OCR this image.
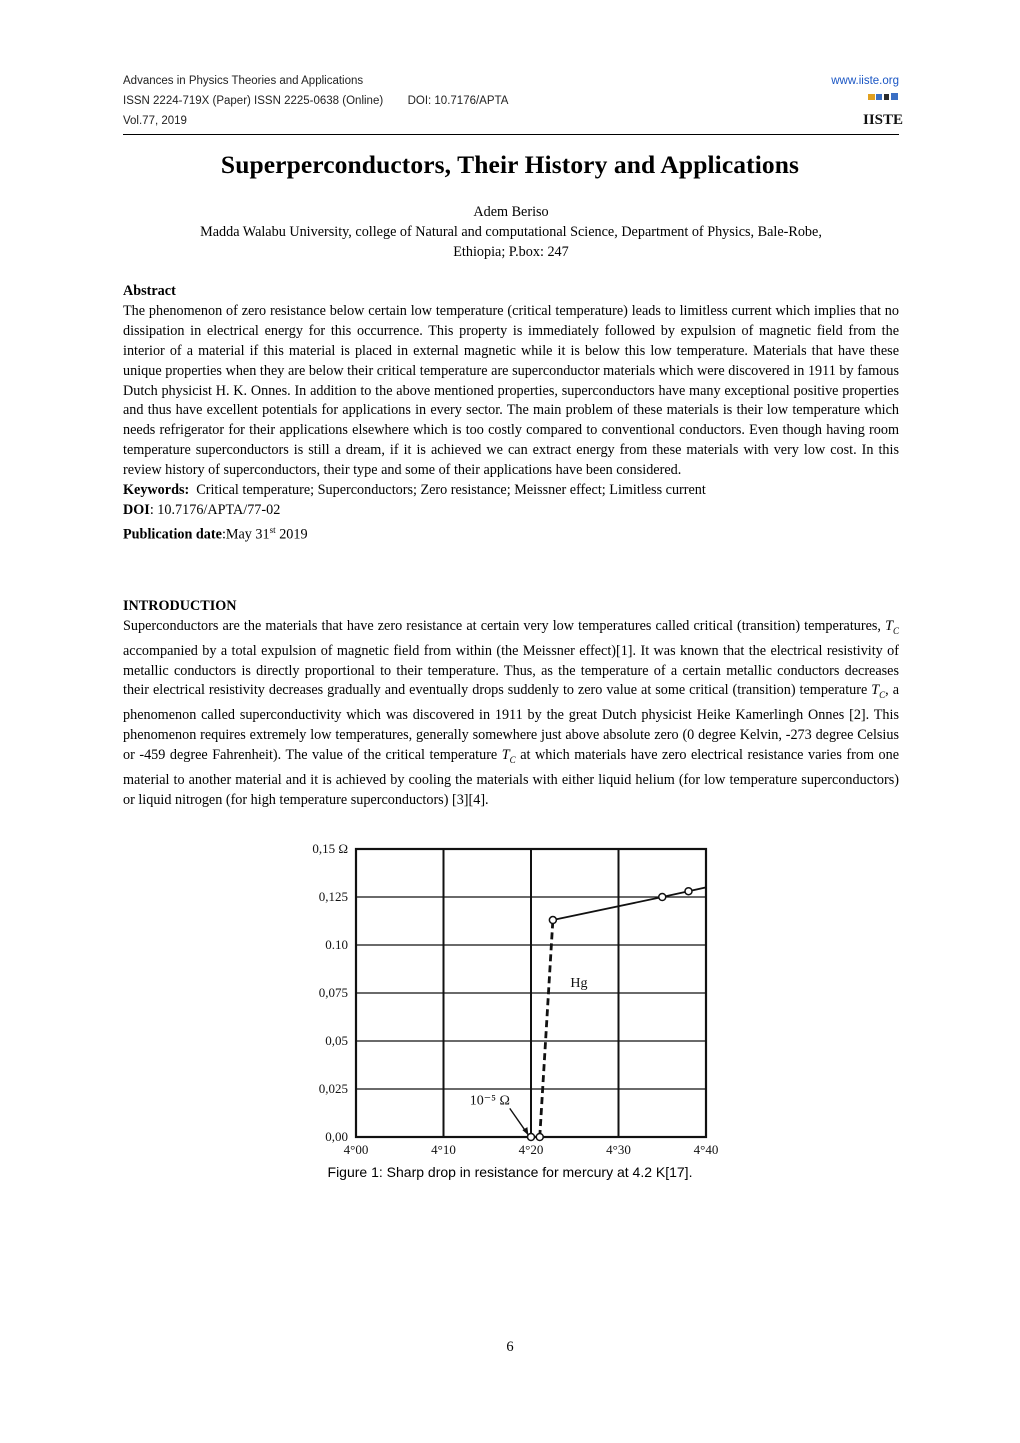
Advances in Physics Theories and Applications	www.iiste.org
ISSN 2224-719X (Paper) ISSN 2225-0638 (Online) DOI: 10.7176/APTA
Vol.77, 2019	IISTE
Superperconductors, Their History and Applications
Adem Beriso
Madda Walabu University, college of Natural and computational Science, Department of Physics, Bale-Robe,
Ethiopia; P.box: 247

Abstract

The phenomenon of zero resistance below certain low temperature (critical temperature) leads to limitless current which implies that no dissipation in electrical energy for this occurrence. This property is immediately followed by expulsion of magnetic field from the interior of a material if this material is placed in external magnetic while it is below this low temperature. Materials that have these unique properties when they are below their critical temperature are superconductor materials which were discovered in 1911 by famous Dutch physicist H. K. Onnes. In addition to the above mentioned properties, superconductors have many exceptional positive properties and thus have excellent potentials for applications in every sector. The main problem of these materials is their low temperature which needs refrigerator for their applications elsewhere which is too costly compared to conventional conductors. Even though having room temperature superconductors is still a dream, if it is achieved we can extract energy from these materials with very low cost. In this review history of superconductors, their type and some of their applications have been considered.

Keywords: Critical temperature; Superconductors; Zero resistance; Meissner effect; Limitless current

DOI: 10.7176/APTA/77-02

Publication date:May 31st 2019

INTRODUCTION

Superconductors are the materials that have zero resistance at certain very low temperatures called critical (transition) temperatures, $T_C$ accompanied by a total expulsion of magnetic field from within (the Meissner effect)[1]. It was known that the electrical resistivity of metallic conductors is directly proportional to their temperature. Thus, as the temperature of a certain metallic conductors decreases their electrical resistivity decreases gradually and eventually drops suddenly to zero value at some critical (transition) temperature $T_C$, a phenomenon called superconductivity which was discovered in 1911 by the great Dutch physicist Heike Kamerlingh Onnes [2]. This phenomenon requires extremely low temperatures, generally somewhere just above absolute zero (0 degree Kelvin, -273 degree Celsius or -459 degree Fahrenheit). The value of the critical temperature $T_C$ at which materials have zero electrical resistance varies from one material to another material and it is achieved by cooling the materials with either liquid helium (for low temperature superconductors) or liquid nitrogen (for high temperature superconductors) [3][4].

4°00	4°10	4°20	4°30	4°40
0,00
0,025
0,05
0,075
0.10
0,125
0,15 Ω
Hg
10⁻⁵ Ω
Figure 1: Sharp drop in resistance for mercury at 4.2 K[17].
6
